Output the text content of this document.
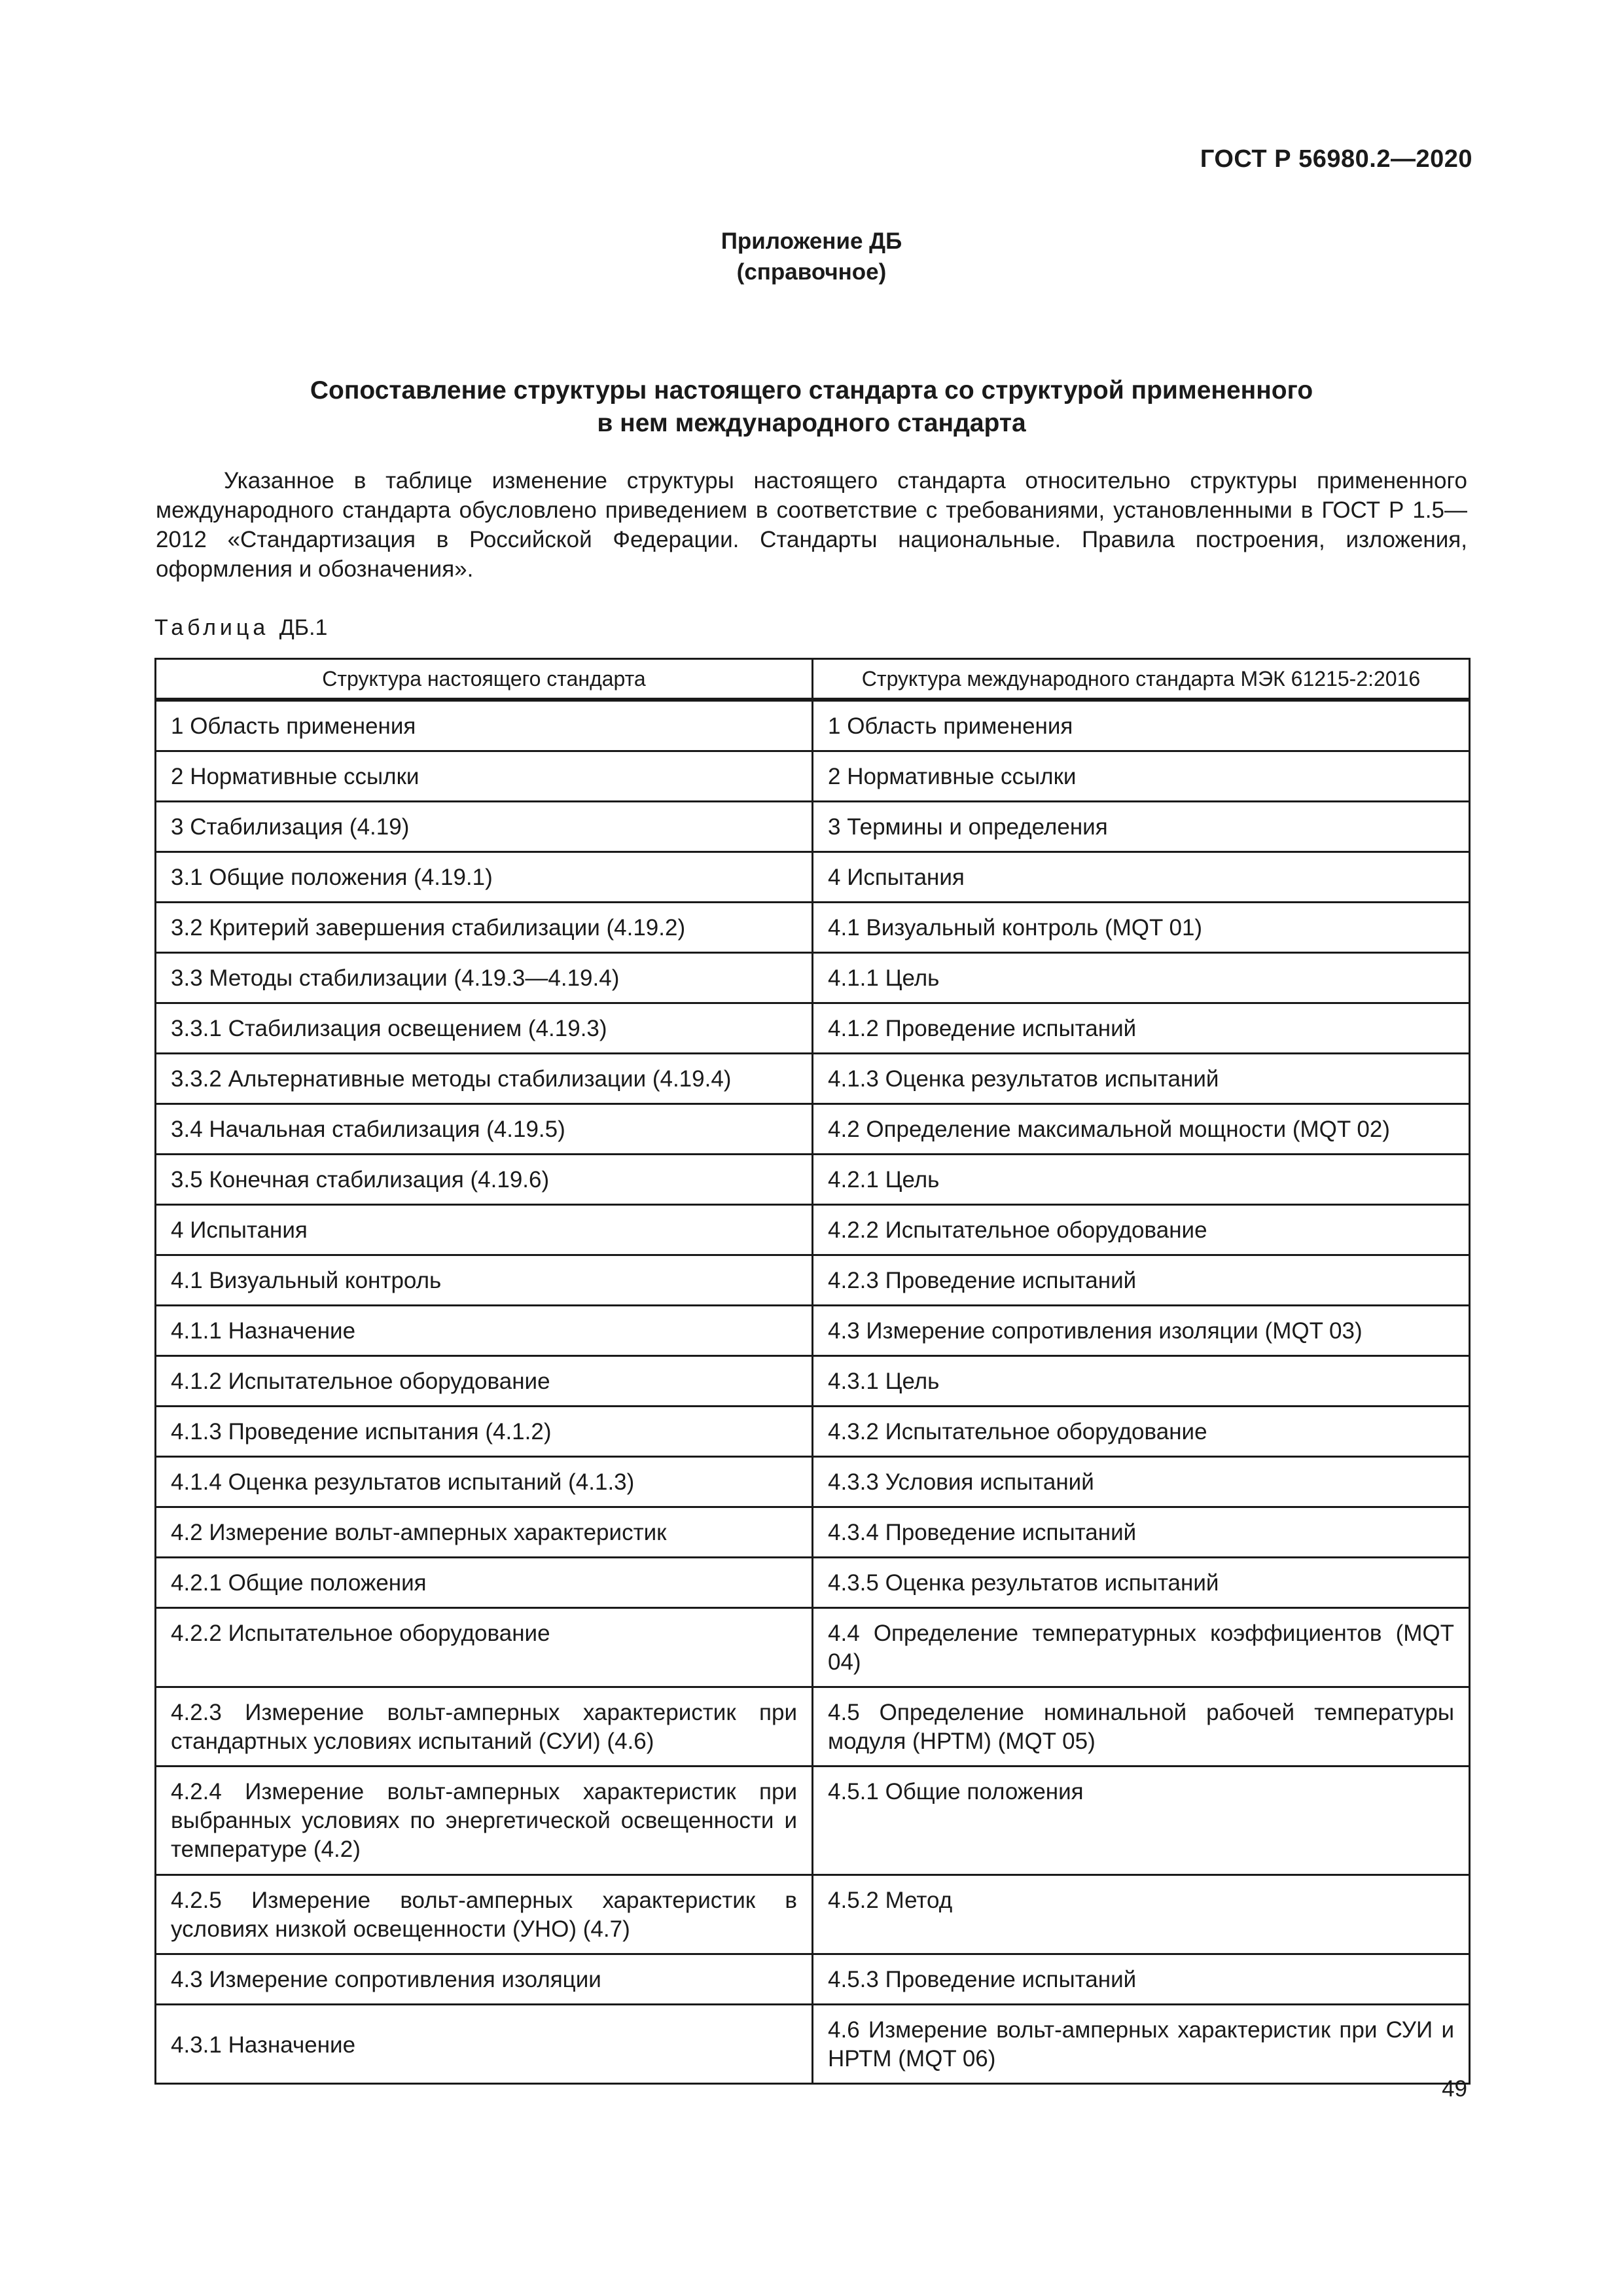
ГОСТ Р 56980.2—2020
Приложение ДБ
(справочное)
Сопоставление структуры настоящего стандарта со структурой примененного
в нем международного стандарта
Указанное в таблице изменение структуры настоящего стандарта относительно структуры примененного международного стандарта обусловлено приведением в соответствие с требованиями, установленными в ГОСТ Р 1.5—2012 «Стандартизация в Российской Федерации. Стандарты национальные. Правила построения, изложения, оформления и обозначения».
Таблица ДБ.1
Структура настоящего стандарта	Структура международного стандарта МЭК 61215-2:2016
1 Область применения	1 Область применения
2 Нормативные ссылки	2 Нормативные ссылки
3 Стабилизация (4.19)	3 Термины и определения
3.1 Общие положения (4.19.1)	4 Испытания
3.2 Критерий завершения стабилизации (4.19.2)	4.1 Визуальный контроль (MQT 01)
3.3 Методы стабилизации (4.19.3—4.19.4)	4.1.1 Цель
3.3.1 Стабилизация освещением (4.19.3)	4.1.2 Проведение испытаний
3.3.2 Альтернативные методы стабилизации (4.19.4)	4.1.3 Оценка результатов испытаний
3.4 Начальная стабилизация (4.19.5)	4.2 Определение максимальной мощности (MQT 02)
3.5 Конечная стабилизация (4.19.6)	4.2.1 Цель
4 Испытания	4.2.2 Испытательное оборудование
4.1 Визуальный контроль	4.2.3 Проведение испытаний
4.1.1 Назначение	4.3 Измерение сопротивления изоляции (MQT 03)
4.1.2 Испытательное оборудование	4.3.1 Цель
4.1.3 Проведение испытания (4.1.2)	4.3.2 Испытательное оборудование
4.1.4 Оценка результатов испытаний (4.1.3)	4.3.3 Условия испытаний
4.2 Измерение вольт-амперных характеристик	4.3.4 Проведение испытаний
4.2.1 Общие положения	4.3.5 Оценка результатов испытаний
4.2.2 Испытательное оборудование	4.4 Определение температурных коэффициентов (MQT 04)
4.2.3 Измерение вольт-амперных характеристик при стандартных условиях испытаний (СУИ) (4.6)	4.5 Определение номинальной рабочей температуры модуля (НРТМ) (MQT 05)
4.2.4 Измерение вольт-амперных характеристик при выбранных условиях по энергетической освещенности и температуре (4.2)	4.5.1 Общие положения
4.2.5 Измерение вольт-амперных характеристик в условиях низкой освещенности (УНО) (4.7)	4.5.2 Метод
4.3 Измерение сопротивления изоляции	4.5.3 Проведение испытаний
4.3.1 Назначение	4.6 Измерение вольт-амперных характеристик при СУИ и НРТМ (MQT 06)
49
